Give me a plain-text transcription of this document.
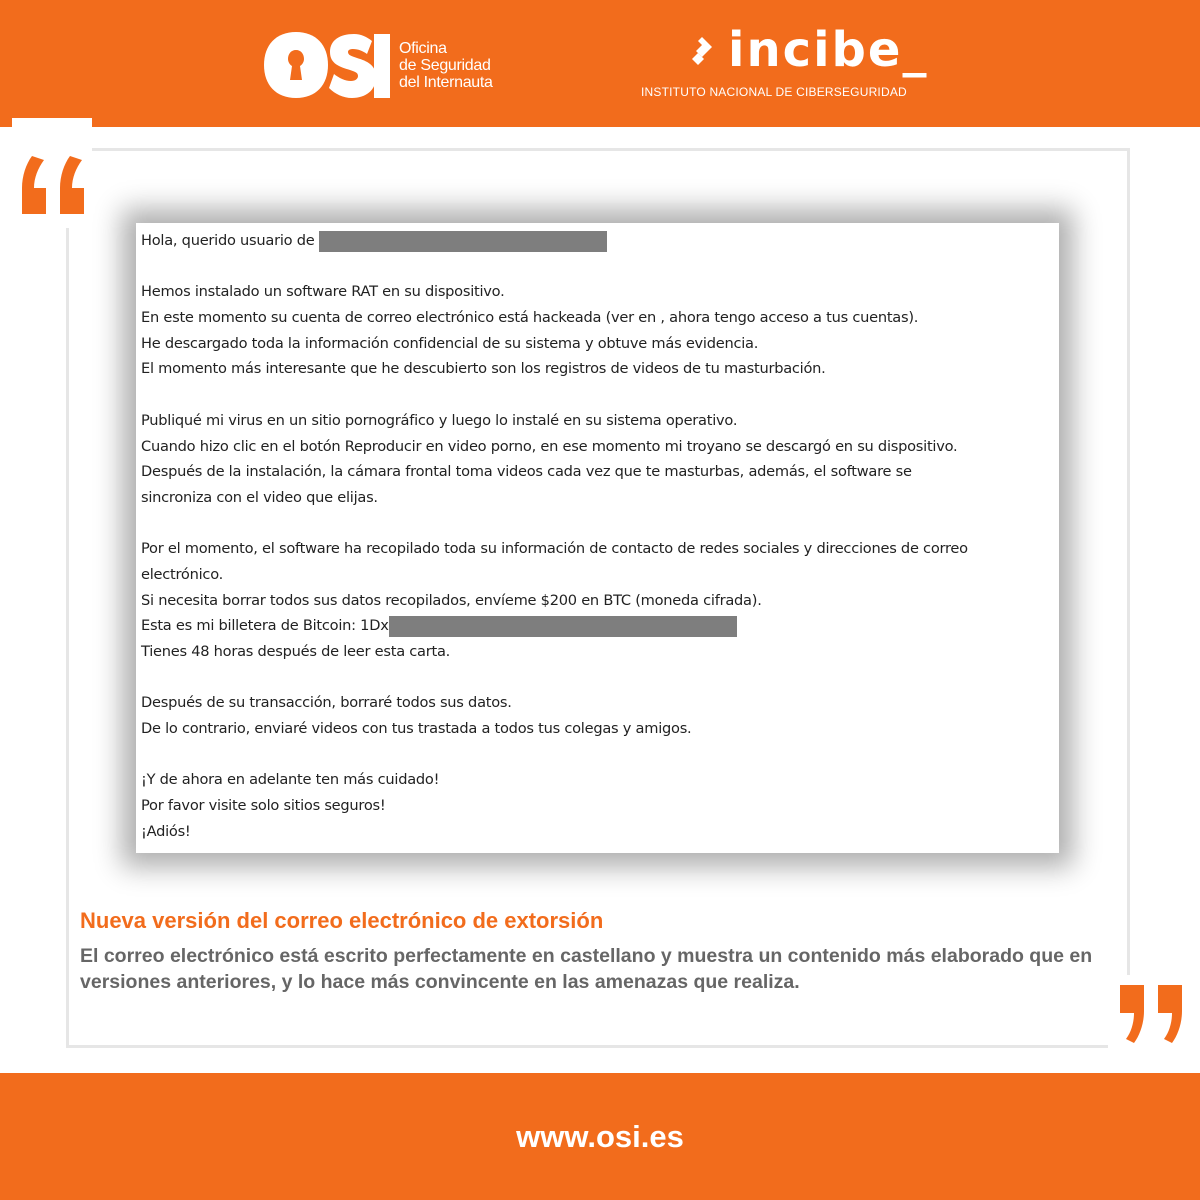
Oficina
de Seguridad
del Internauta
incibe_
INSTITUTO NACIONAL DE CIBERSEGURIDAD
Hola, querido usuario de
Hemos instalado un software RAT en su dispositivo.
En este momento su cuenta de correo electrónico está hackeada (ver en , ahora tengo acceso a tus cuentas).
He descargado toda la información confidencial de su sistema y obtuve más evidencia.
El momento más interesante que he descubierto son los registros de videos de tu masturbación.
Publiqué mi virus en un sitio pornográfico y luego lo instalé en su sistema operativo.
Cuando hizo clic en el botón Reproducir en video porno, en ese momento mi troyano se descargó en su dispositivo.
Después de la instalación, la cámara frontal toma videos cada vez que te masturbas, además, el software se
sincroniza con el video que elijas.
Por el momento, el software ha recopilado toda su información de contacto de redes sociales y direcciones de correo
electrónico.
Si necesita borrar todos sus datos recopilados, envíeme $200 en BTC (moneda cifrada).
Esta es mi billetera de Bitcoin: 1Dx
Tienes 48 horas después de leer esta carta.
Después de su transacción, borraré todos sus datos.
De lo contrario, enviaré videos con tus trastada a todos tus colegas y amigos.
¡Y de ahora en adelante ten más cuidado!
Por favor visite solo sitios seguros!
¡Adiós!
Nueva versión del correo electrónico de extorsión
El correo electrónico está escrito perfectamente en castellano y muestra un contenido más elaborado que en versiones anteriores, y lo hace más convincente en las amenazas que realiza.
www.osi.es
